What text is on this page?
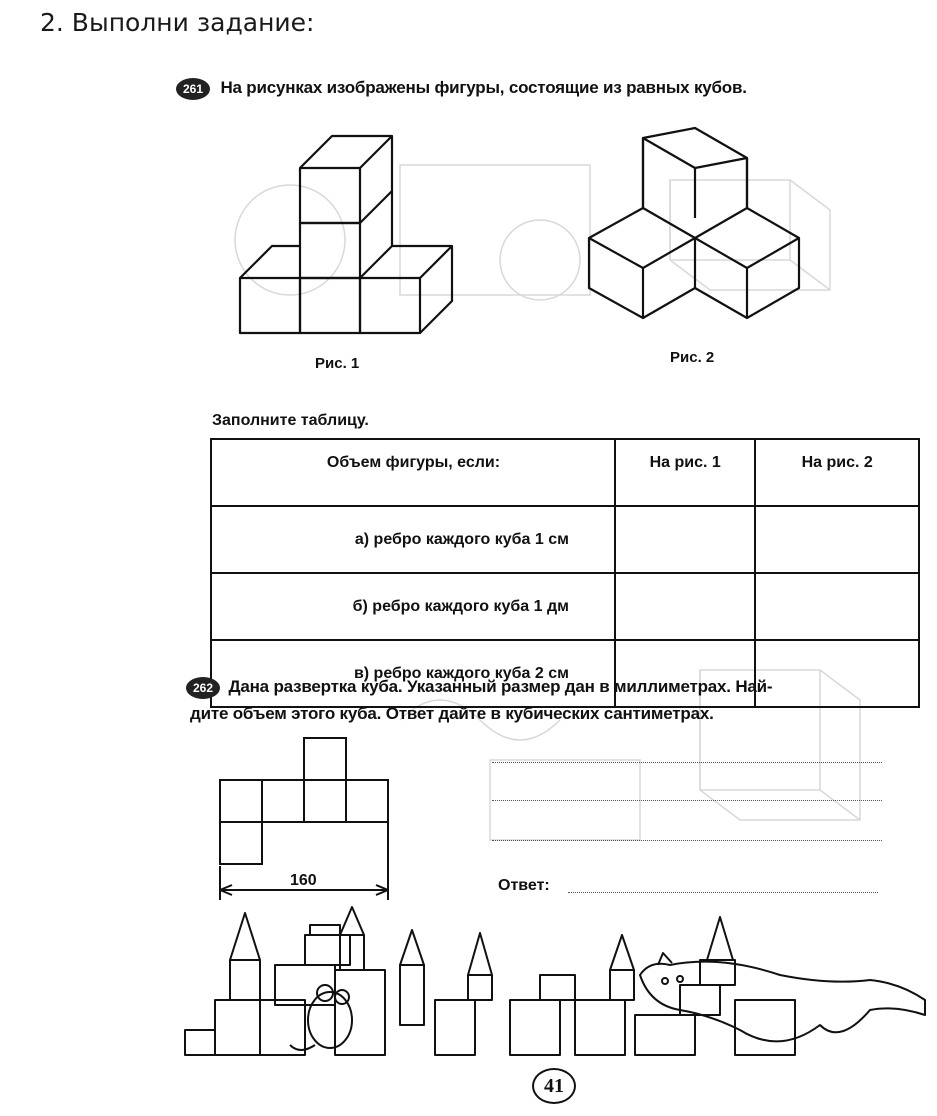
2. Выполни задание:
261 На рисунках изображены фигуры, состоящие из равных кубов.
Рис. 1	Рис. 2
Заполните таблицу.
Объем фигуры, если:	На рис. 1	На рис. 2
а) ребро каждого куба 1 см		
б) ребро каждого куба 1 дм		
в) ребро каждого куба 2 см		
262 Дана развертка куба. Указанный размер дан в миллиметрах. Най-
дите объем этого куба. Ответ дайте в кубических сантиметрах.
160	Ответ:
41
